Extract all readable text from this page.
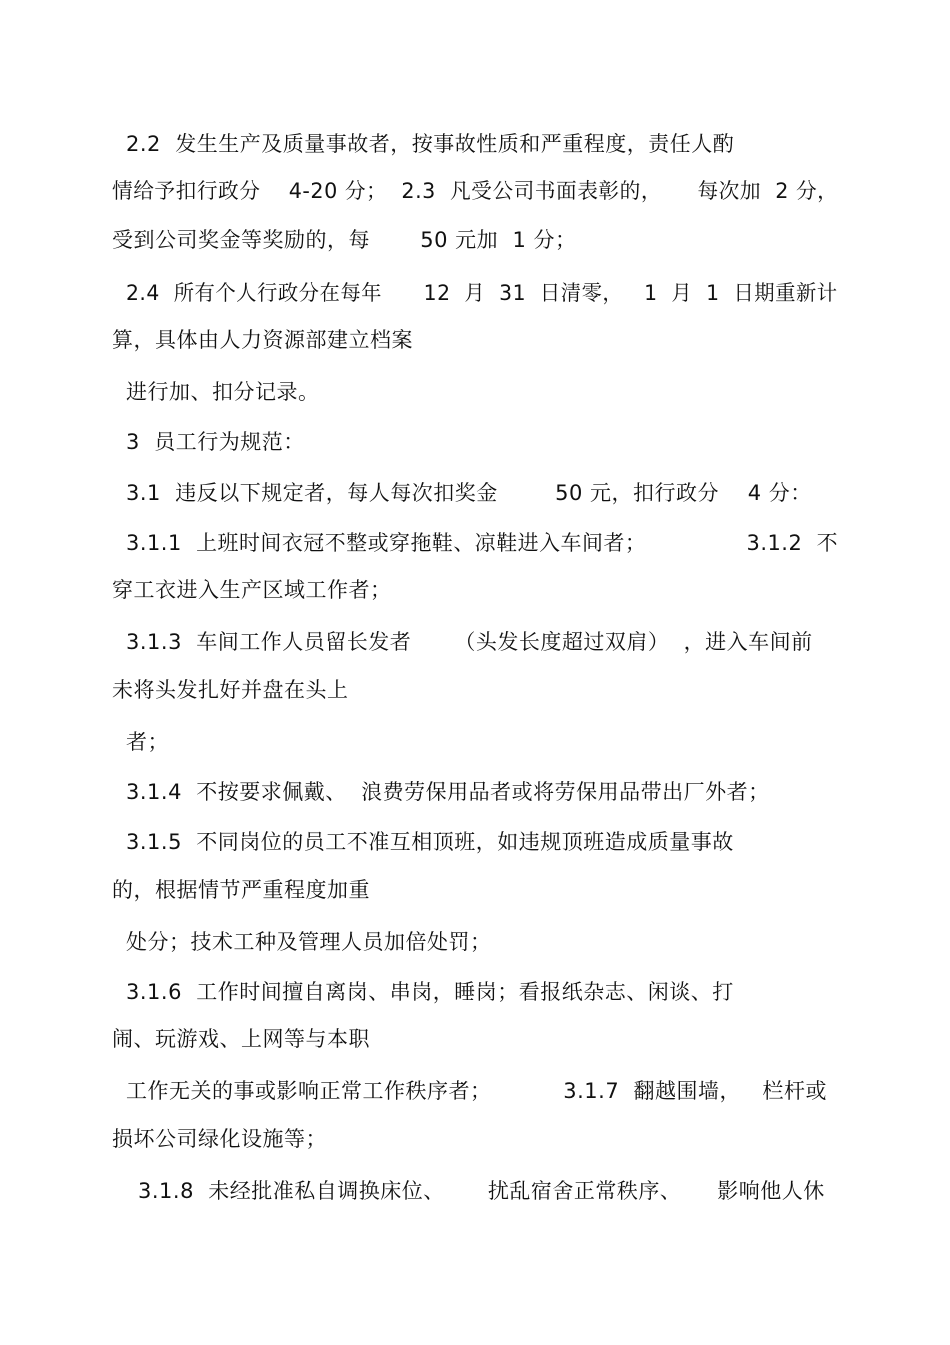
2.2  发生生产及质量事故者，按事故性质和严重程度，责任人酌
情给予扣行政分    4-20 分；  2.3  凡受公司书面表彰的，     每次加  2 分，
受到公司奖金等奖励的，每       50 元加  1 分；
2.4  所有个人行政分在每年      12  月  31  日清零，   1  月  1  日期重新计
算，具体由人力资源部建立档案
进行加、扣分记录。
3  员工行为规范：
3.1  违反以下规定者，每人每次扣奖金        50 元，扣行政分    4 分：
3.1.1  上班时间衣冠不整或穿拖鞋、凉鞋进入车间者；              3.1.2  不
穿工衣进入生产区域工作者；
3.1.3  车间工作人员留长发者      （头发长度超过双肩）  ，进入车间前
未将头发扎好并盘在头上
者；
3.1.4  不按要求佩戴、  浪费劳保用品者或将劳保用品带出厂外者；
3.1.5  不同岗位的员工不准互相顶班，如违规顶班造成质量事故
的，根据情节严重程度加重
处分；技术工种及管理人员加倍处罚；
3.1.6  工作时间擅自离岗、串岗，睡岗；看报纸杂志、闲谈、打
闹、玩游戏、上网等与本职
工作无关的事或影响正常工作秩序者；          3.1.7  翻越围墙，   栏杆或
损坏公司绿化设施等；
3.1.8  未经批准私自调换床位、      扰乱宿舍正常秩序、     影响他人休
